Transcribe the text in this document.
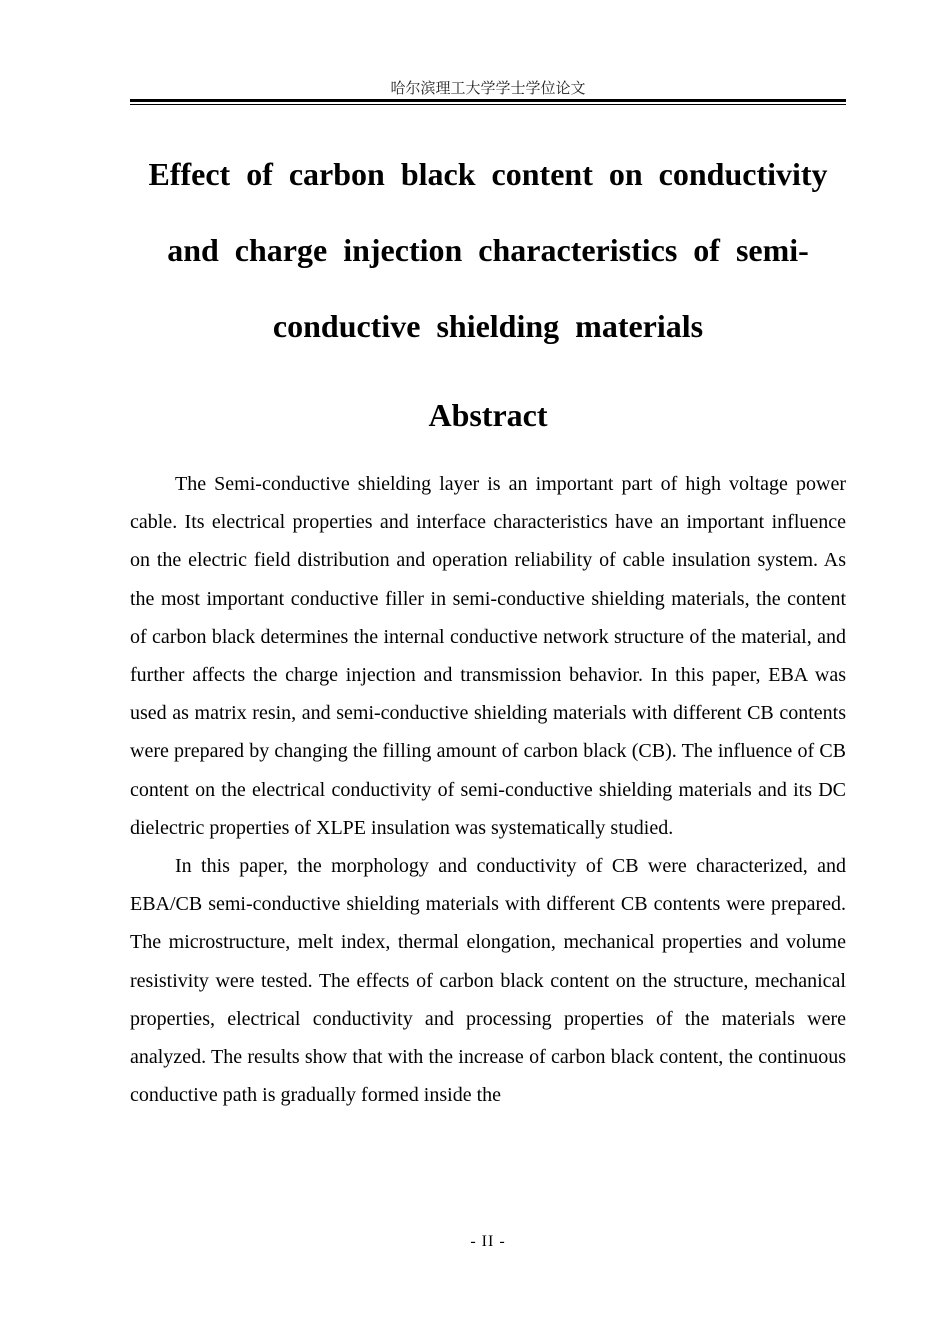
哈尔滨理工大学学士学位论文
Effect of carbon black content on conductivity and charge injection characteristics of semi-conductive shielding materials
Abstract

The Semi-conductive shielding layer is an important part of high voltage power cable. Its electrical properties and interface characteristics have an important influence on the electric field distribution and operation reliability of cable insulation system. As the most important conductive filler in semi-conductive shielding materials, the content of carbon black determines the internal conductive network structure of the material, and further affects the charge injection and transmission behavior. In this paper, EBA was used as matrix resin, and semi-conductive shielding materials with different CB contents were prepared by changing the filling amount of carbon black (CB). The influence of CB content on the electrical conductivity of semi-conductive shielding materials and its DC dielectric properties of XLPE insulation was systematically studied.

In this paper, the morphology and conductivity of CB were characterized, and EBA/CB semi-conductive shielding materials with different CB contents were prepared. The microstructure, melt index, thermal elongation, mechanical properties and volume resistivity were tested. The effects of carbon black content on the structure, mechanical properties, electrical conductivity and processing properties of the materials were analyzed. The results show that with the increase of carbon black content, the continuous conductive path is gradually formed inside the

- II -
